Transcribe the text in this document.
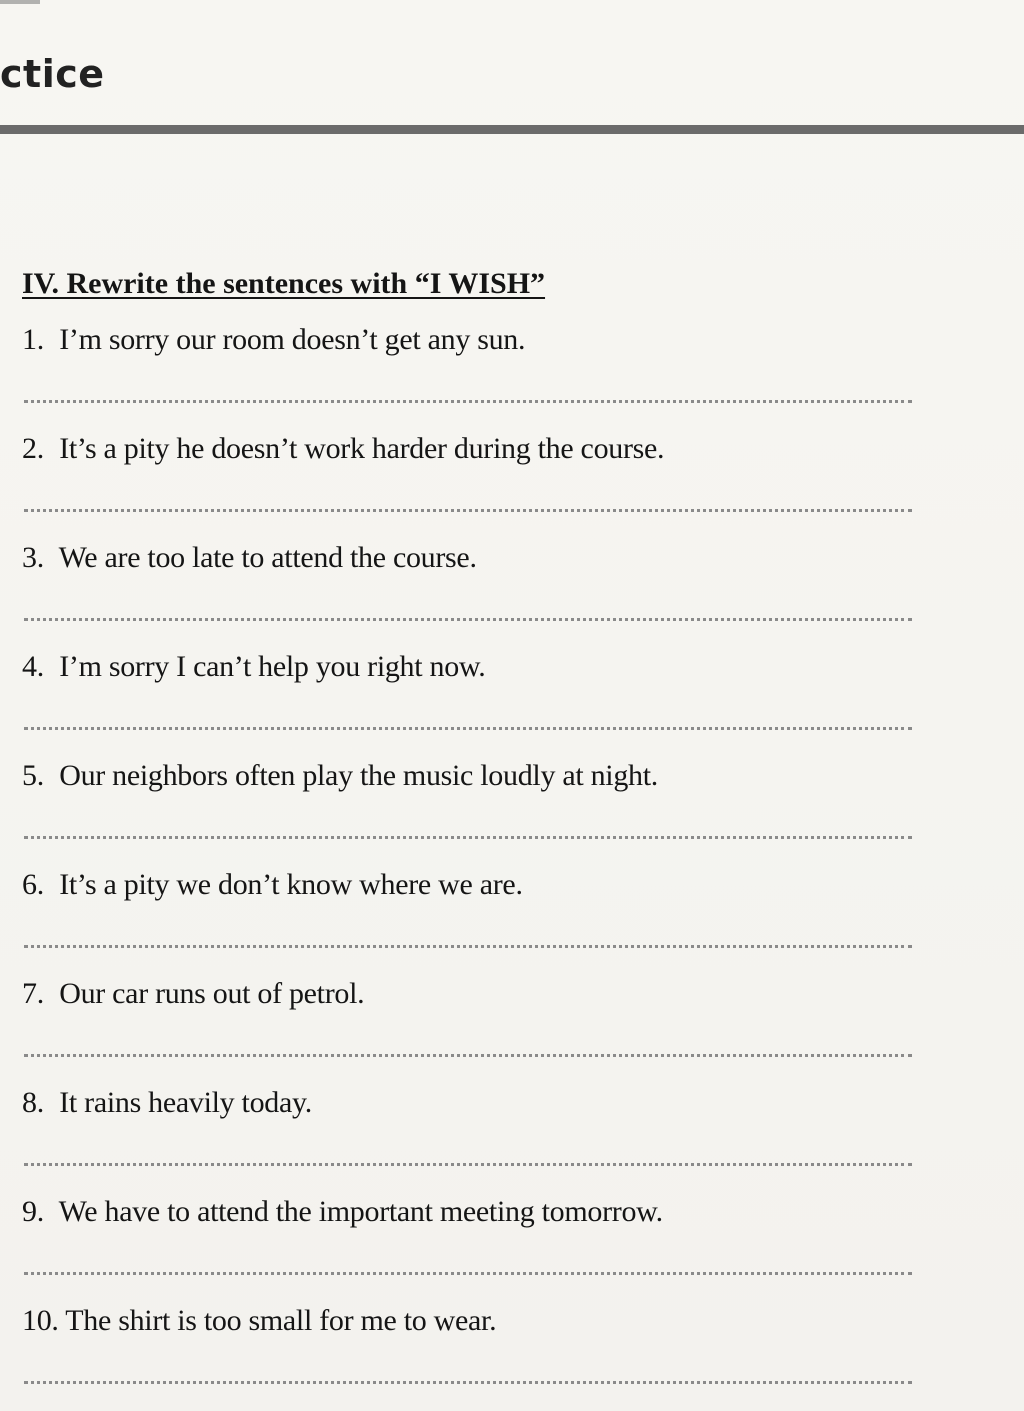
ctice
IV. Rewrite the sentences with “I WISH”
1. I’m sorry our room doesn’t get any sun.
2. It’s a pity he doesn’t work harder during the course.
3. We are too late to attend the course.
4. I’m sorry I can’t help you right now.
5. Our neighbors often play the music loudly at night.
6. It’s a pity we don’t know where we are.
7. Our car runs out of petrol.
8. It rains heavily today.
9. We have to attend the important meeting tomorrow.
10. The shirt is too small for me to wear.
